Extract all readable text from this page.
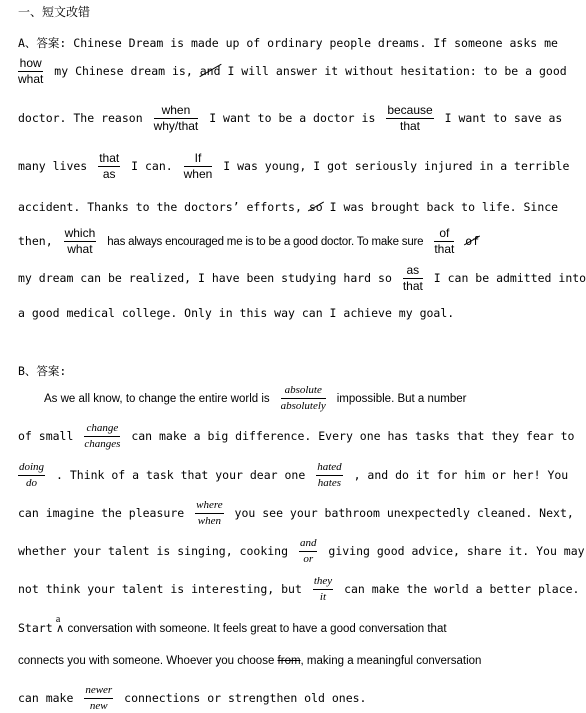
一、短文改错
A、答案: Chinese Dream is made up of ordinary people dreams. If someone asks me
$\frac{\text{how}}{\text{what}}$ my Chinese dream is, and I will answer it without hesitation: to be a good
doctor. The reason $\frac{\text{when}}{\text{why/that}}$ I want to be a doctor is $\frac{\text{because}}{\text{that}}$ I want to save as
many lives $\frac{\text{that}}{as}$ I can. $\frac{If}{\text{when}}$ I was young, I got seriously injured in a terrible
accident. Thanks to the doctors’ efforts, so I was brought back to life. Since
then, $\frac{\text{which}}{\text{what}}$ has always encouraged me is to be a good doctor. To make sure $\frac{of}{\text{that}}$ of
my dream can be realized, I have been studying hard so $\frac{as}{\text{that}}$ I can be admitted into
a good medical college. Only in this way can I achieve my goal.
B、答案:
As we all know, to change the entire world is $\frac{\text{absolute}}{\text{absolutely}}$ impossible. But a number
of small $\frac{\text{change}}{\text{changes}}$ can make a big difference. Every one has tasks that they fear to
$\frac{\text{doing}}{do}$ . Think of a task that your dear one $\frac{\text{hated}}{\text{hates}}$ , and do it for him or her! You
can imagine the pleasure $\frac{\text{where}}{\text{when}}$ you see your bathroom unexpectedly cleaned. Next,
whether your talent is singing, cooking $\frac{\text{and}}{or}$ giving good advice, share it. You may
not think your talent is interesting, but $\frac{\text{they}}{it}$ can make the world a better place.
Start
a
∧ conversation with someone. It feels great to have a good conversation that
connects you with someone. Whoever you choose from, making a meaningful conversation
can make $\frac{\text{newer}}{\text{new}}$ connections or strengthen old ones.
